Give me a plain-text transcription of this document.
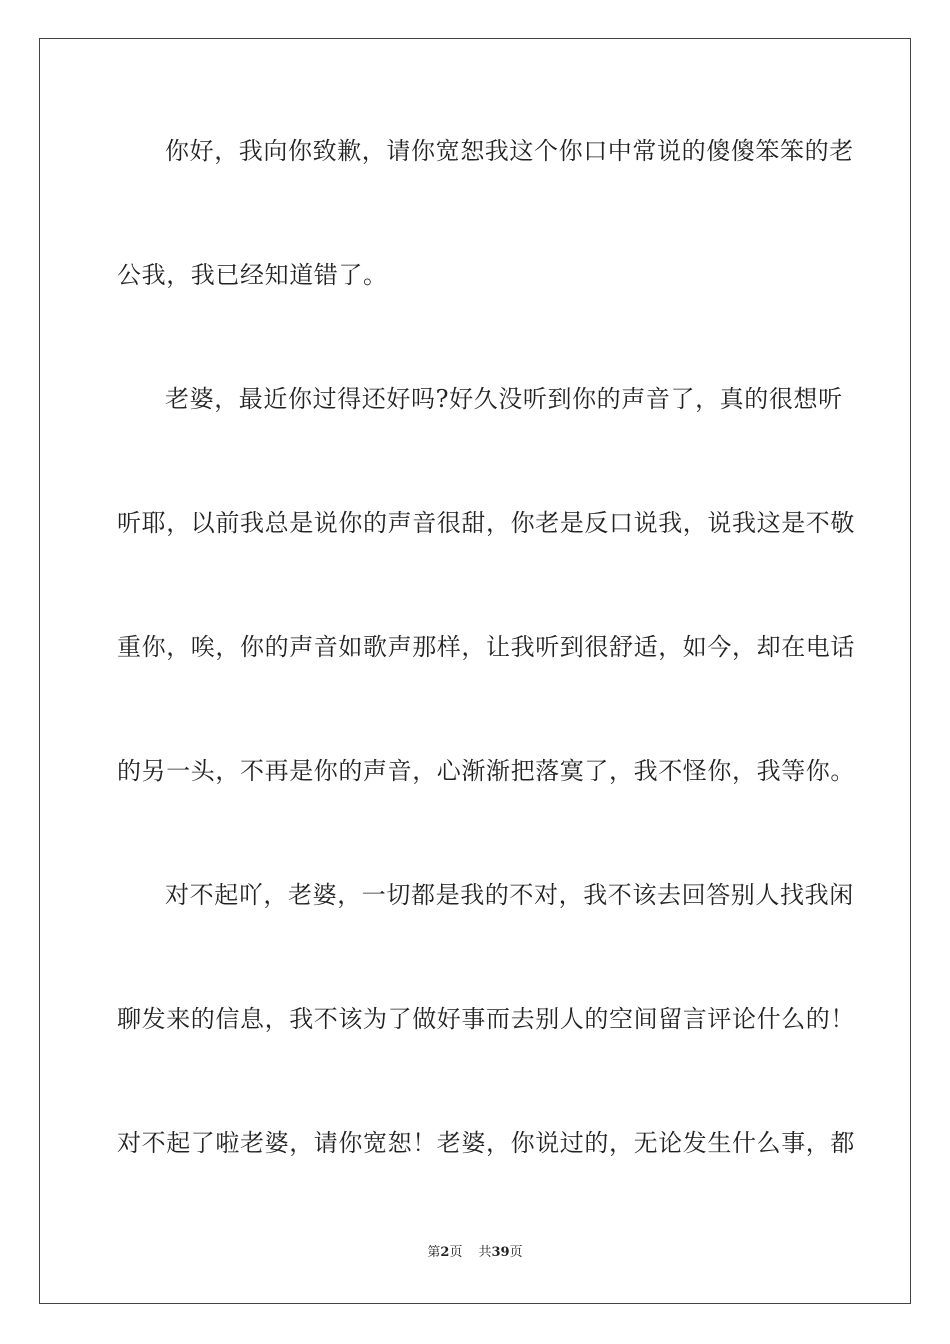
你好，我向你致歉，请你宽恕我这个你口中常说的傻傻笨笨的老
公我，我已经知道错了。
老婆，最近你过得还好吗?好久没听到你的声音了，真的很想听
听耶，以前我总是说你的声音很甜，你老是反口说我，说我这是不敬
重你，唉，你的声音如歌声那样，让我听到很舒适，如今，却在电话
的另一头，不再是你的声音，心渐渐把落寞了，我不怪你，我等你。
对不起吖，老婆，一切都是我的不对，我不该去回答别人找我闲
聊发来的信息，我不该为了做好事而去别人的空间留言评论什么的！
对不起了啦老婆，请你宽恕！老婆，你说过的，无论发生什么事，都
第2页 共39页
